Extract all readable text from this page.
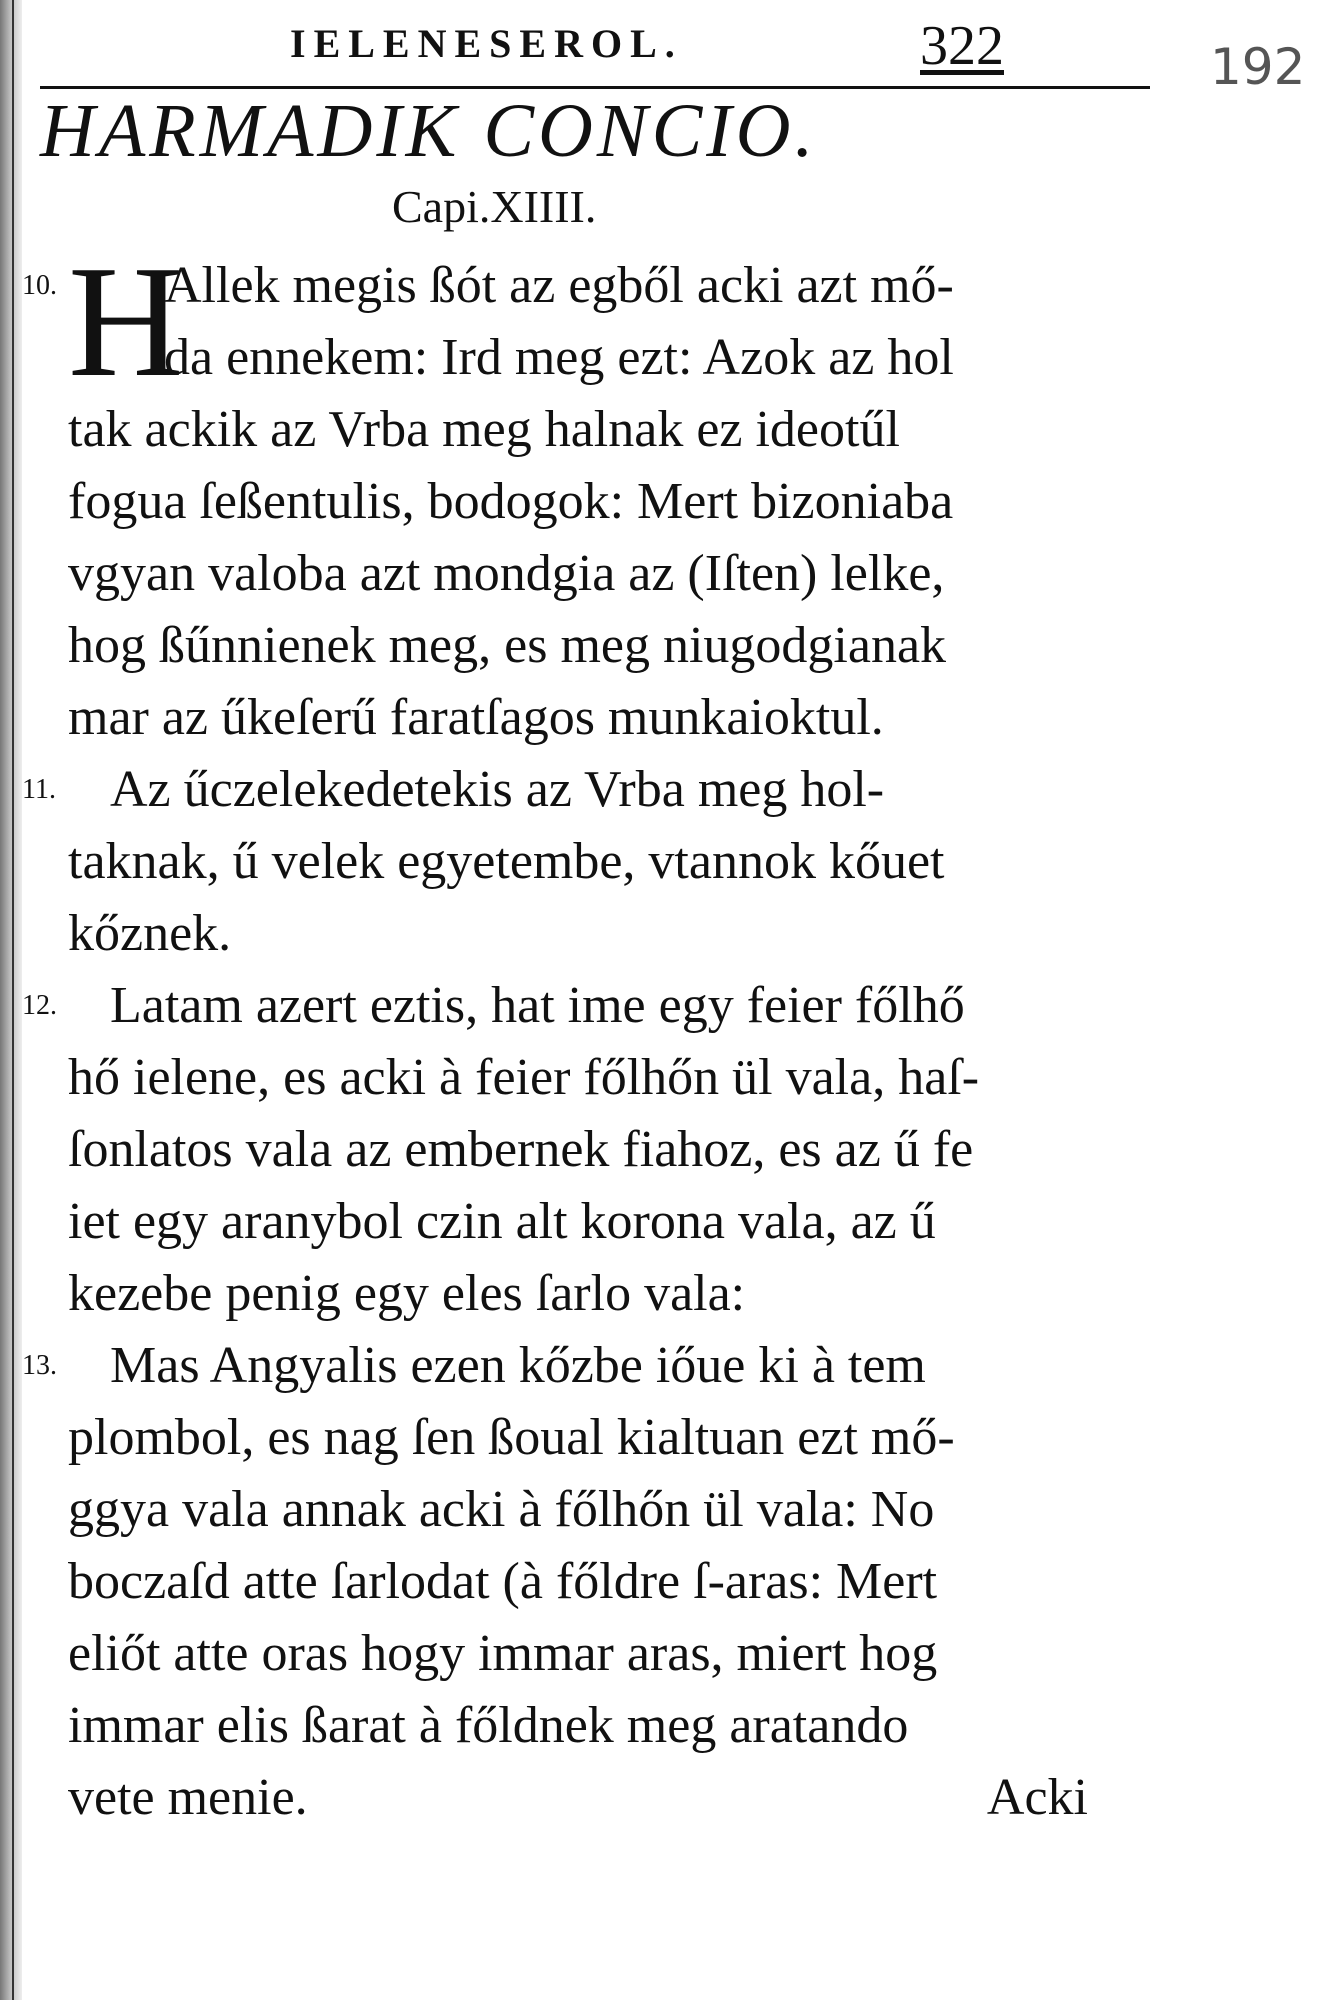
192
IELENESEROL.	322
HARMADIK CONCIO.
Capi.XIIII.
10. H
Allek megis ßót az egből acki azt mő-
da ennekem: Ird meg ezt: Azok az hol
tak ackik az Vrba meg halnak ez ideotűl
fogua ſeßentulis, bodogok: Mert bizoniaba
vgyan valoba azt mondgia az (Iſten) lelke,
hog ßűnnienek meg, es meg niugodgianak
mar az űkeſerű faratſagos munkaioktul.
11. Az űczelekedetekis az Vrba meg hol-
taknak, ű velek egyetembe, vtannok kőuet
kőznek.
12. Latam azert eztis, hat ime egy feier főlhő
hő ielene, es acki à feier főlhőn ül vala, haſ-
ſonlatos vala az embernek fiahoz, es az ű fe
iet egy aranybol czin alt korona vala, az ű
kezebe penig egy eles ſarlo vala:
13. Mas Angyalis ezen kőzbe iőue ki à tem
plombol, es nag ſen ßoual kialtuan ezt mő-
ggya vala annak acki à főlhőn ül vala: No
boczaſd atte ſarlodat (à főldre ſ-aras: Mert
eliőt atte oras hogy immar aras, miert hog
immar elis ßarat à főldnek meg aratando
vete menie.	Acki
